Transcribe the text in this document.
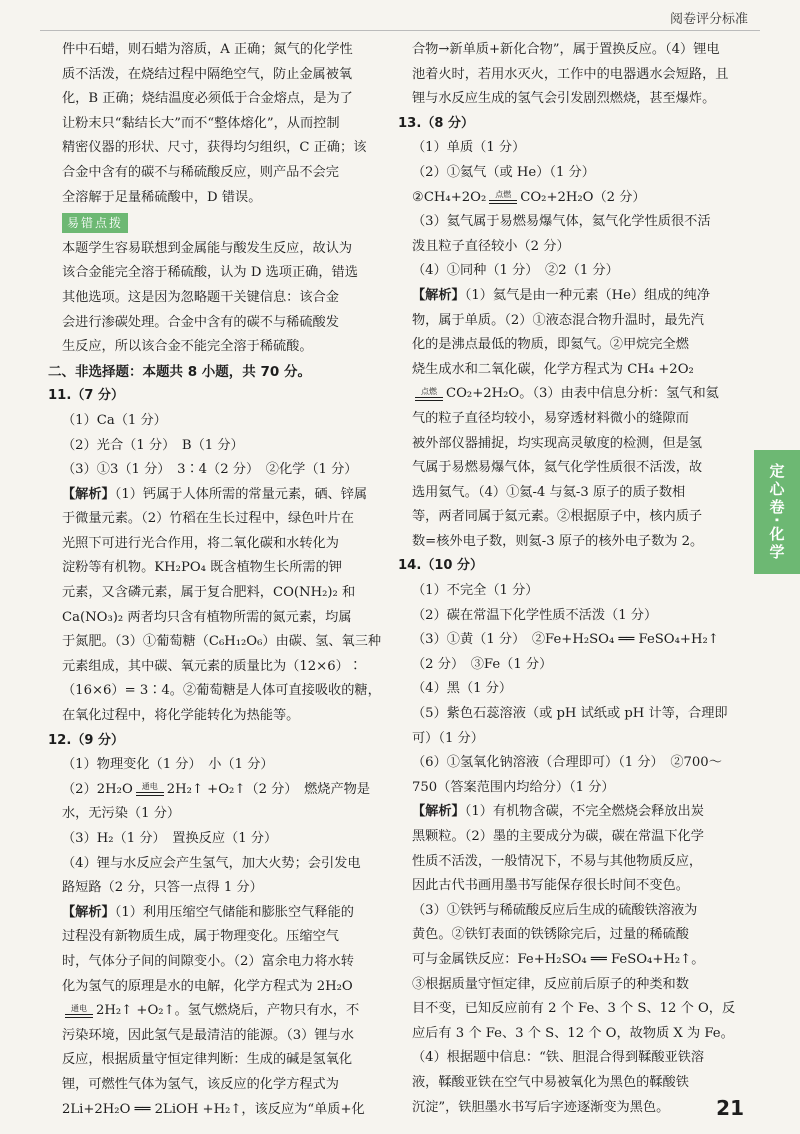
阅卷评分标准

件中石蜡，则石蜡为溶质，A 正确；氮气的化学性

质不活泼，在烧结过程中隔绝空气，防止金属被氧

化，B 正确；烧结温度必须低于合金熔点，是为了

让粉末只“黏结长大”而不“整体熔化”，从而控制

精密仪器的形状、尺寸，获得均匀组织，C 正确；该

合金中含有的碳不与稀硫酸反应，则产品不会完

全溶解于足量稀硫酸中，D 错误。

易错点拨

本题学生容易联想到金属能与酸发生反应，故认为

该合金能完全溶于稀硫酸，认为 D 选项正确，错选

其他选项。这是因为忽略题干关键信息：该合金

会进行渗碳处理。合金中含有的碳不与稀硫酸发

生反应，所以该合金不能完全溶于稀硫酸。

二、非选择题：本题共 8 小题，共 70 分。

11.（7 分）

（1）Ca（1 分）

（2）光合（1 分）　B（1 分）

（3）①3（1 分）　3∶4（2 分）　②化学（1 分）

【解析】（1）钙属于人体所需的常量元素，硒、锌属

于微量元素。（2）竹稻在生长过程中，绿色叶片在

光照下可进行光合作用，将二氧化碳和水转化为

淀粉等有机物。KH₂PO₄ 既含植物生长所需的钾

元素，又含磷元素，属于复合肥料，CO(NH₂)₂ 和

Ca(NO₃)₂ 两者均只含有植物所需的氮元素，均属

于氮肥。（3）①葡萄糖（C₆H₁₂O₆）由碳、氢、氧三种

元素组成，其中碳、氧元素的质量比为（12×6）∶

（16×6）= 3∶4。②葡萄糖是人体可直接吸收的糖，

在氧化过程中，将化学能转化为热能等。

12.（9 分）

（1）物理变化（1 分）　小（1 分）

（2）2H₂O 通电 2H₂↑ +O₂↑（2 分）　燃烧产物是

水，无污染（1 分）

（3）H₂（1 分）　置换反应（1 分）

（4）锂与水反应会产生氢气，加大火势；会引发电

路短路（2 分，只答一点得 1 分）

【解析】（1）利用压缩空气储能和膨胀空气释能的

过程没有新物质生成，属于物理变化。压缩空气

时，气体分子间的间隙变小。（2）富余电力将水转

化为氢气的原理是水的电解，化学方程式为 2H₂O

通电 2H₂↑ +O₂↑。氢气燃烧后，产物只有水，不

污染环境，因此氢气是最清洁的能源。（3）锂与水

反应，根据质量守恒定律判断：生成的碱是氢氧化

锂，可燃性气体为氢气，该反应的化学方程式为

2Li+2H₂O ══ 2LiOH +H₂↑，该反应为“单质+化

合物→新单质+新化合物”，属于置换反应。（4）锂电

池着火时，若用水灭火，工作中的电器遇水会短路，且

锂与水反应生成的氢气会引发剧烈燃烧，甚至爆炸。

13.（8 分）

（1）单质（1 分）

（2）①氦气（或 He）（1 分）

②CH₄+2O₂ 点燃 CO₂+2H₂O（2 分）

（3）氦气属于易燃易爆气体，氦气化学性质很不活

泼且粒子直径较小（2 分）

（4）①同种（1 分）　②2（1 分）

【解析】（1）氦气是由一种元素（He）组成的纯净

物，属于单质。（2）①液态混合物升温时，最先汽

化的是沸点最低的物质，即氦气。②甲烷完全燃

烧生成水和二氧化碳，化学方程式为 CH₄ +2O₂

点燃 CO₂+2H₂O。（3）由表中信息分析：氢气和氦

气的粒子直径均较小，易穿透材料微小的缝隙而

被外部仪器捕捉，均实现高灵敏度的检测，但是氢

气属于易燃易爆气体，氦气化学性质很不活泼，故

选用氦气。（4）①氦-4 与氦-3 原子的质子数相

等，两者同属于氦元素。②根据原子中，核内质子

数=核外电子数，则氦-3 原子的核外电子数为 2。

14.（10 分）

（1）不完全（1 分）

（2）碳在常温下化学性质不活泼（1 分）

（3）①黄（1 分）　②Fe+H₂SO₄ ══ FeSO₄+H₂↑

（2 分）　③Fe（1 分）

（4）黑（1 分）

（5）紫色石蕊溶液（或 pH 试纸或 pH 计等，合理即

可）（1 分）

（6）①氢氧化钠溶液（合理即可）（1 分）　②700～

750（答案范围内均给分）（1 分）

【解析】（1）有机物含碳，不完全燃烧会释放出炭

黑颗粒。（2）墨的主要成分为碳，碳在常温下化学

性质不活泼，一般情况下，不易与其他物质反应，

因此古代书画用墨书写能保存很长时间不变色。

（3）①铁钙与稀硫酸反应后生成的硫酸铁溶液为

黄色。②铁钉表面的铁锈除完后，过量的稀硫酸

可与金属铁反应：Fe+H₂SO₄ ══ FeSO₄+H₂↑。

③根据质量守恒定律，反应前后原子的种类和数

目不变，已知反应前有 2 个 Fe、3 个 S、12 个 O，反

应后有 3 个 Fe、3 个 S、12 个 O，故物质 X 为 Fe。

（4）根据题中信息：“铁、胆混合得到鞣酸亚铁溶

液，鞣酸亚铁在空气中易被氧化为黑色的鞣酸铁

沉淀”，铁胆墨水书写后字迹逐渐变为黑色。

定心卷·化学
21
